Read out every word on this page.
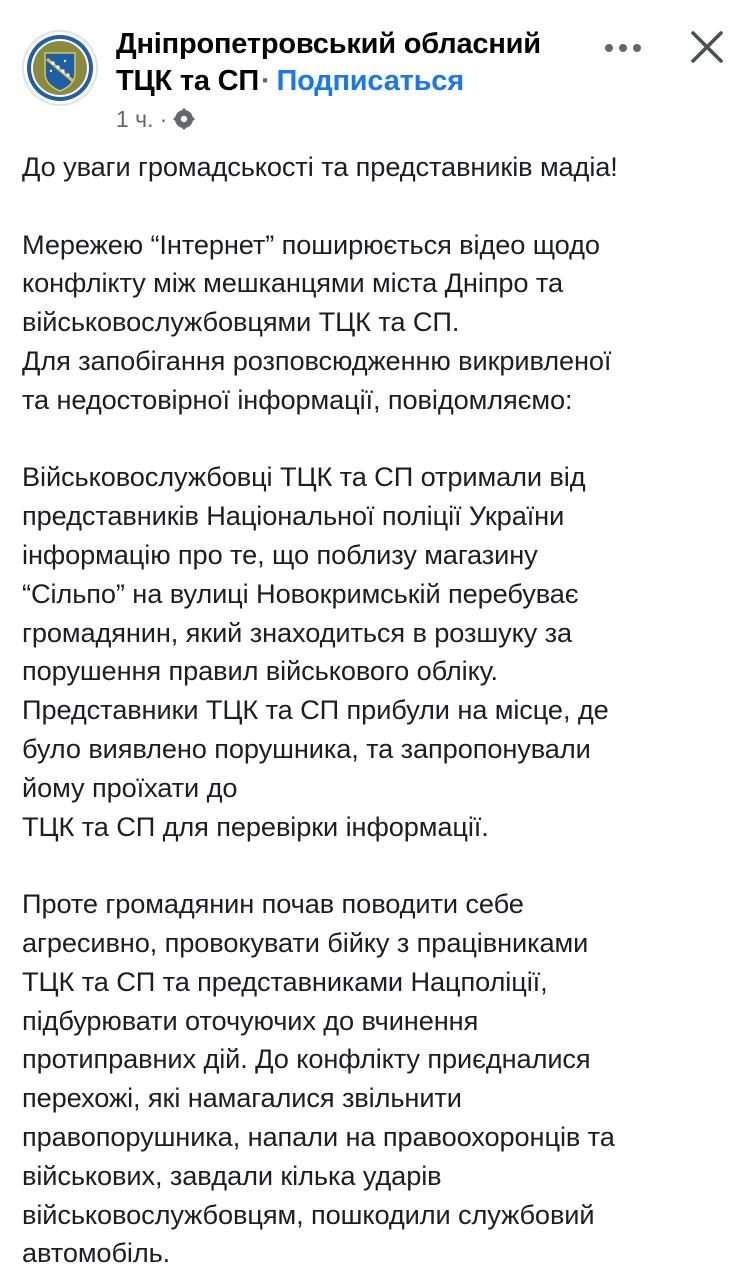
Дніпропетровський обласний ТЦК та СП· Подписаться
1 ч. ·

До уваги громадськості та представників мадіа!

Мережею “Інтернет” поширюється відео щодо

конфлікту між мешканцями міста Дніпро та

військовослужбовцями ТЦК та СП.

Для запобігання розповсюдженню викривленої

та недостовірної інформації, повідомляємо:

Військовослужбовці ТЦК та СП отримали від

представників Національної поліції України

інформацію про те, що поблизу магазину

“Сільпо” на вулиці Новокримській перебуває

громадянин, який знаходиться в розшуку за

порушення правил військового обліку.

Представники ТЦК та СП прибули на місце, де

було виявлено порушника, та запропонували

йому проїхати до

ТЦК та СП для перевірки інформації.

Проте громадянин почав поводити себе

агресивно, провокувати бійку з працівниками

ТЦК та СП та представниками Нацполіції,

підбурювати оточуючих до вчинення

протиправних дій. До конфлікту приєдналися

перехожі, які намагалися звільнити

правопорушника, напали на правоохоронців та

військових, завдали кілька ударів

військовослужбовцям, пошкодили службовий

автомобіль.
